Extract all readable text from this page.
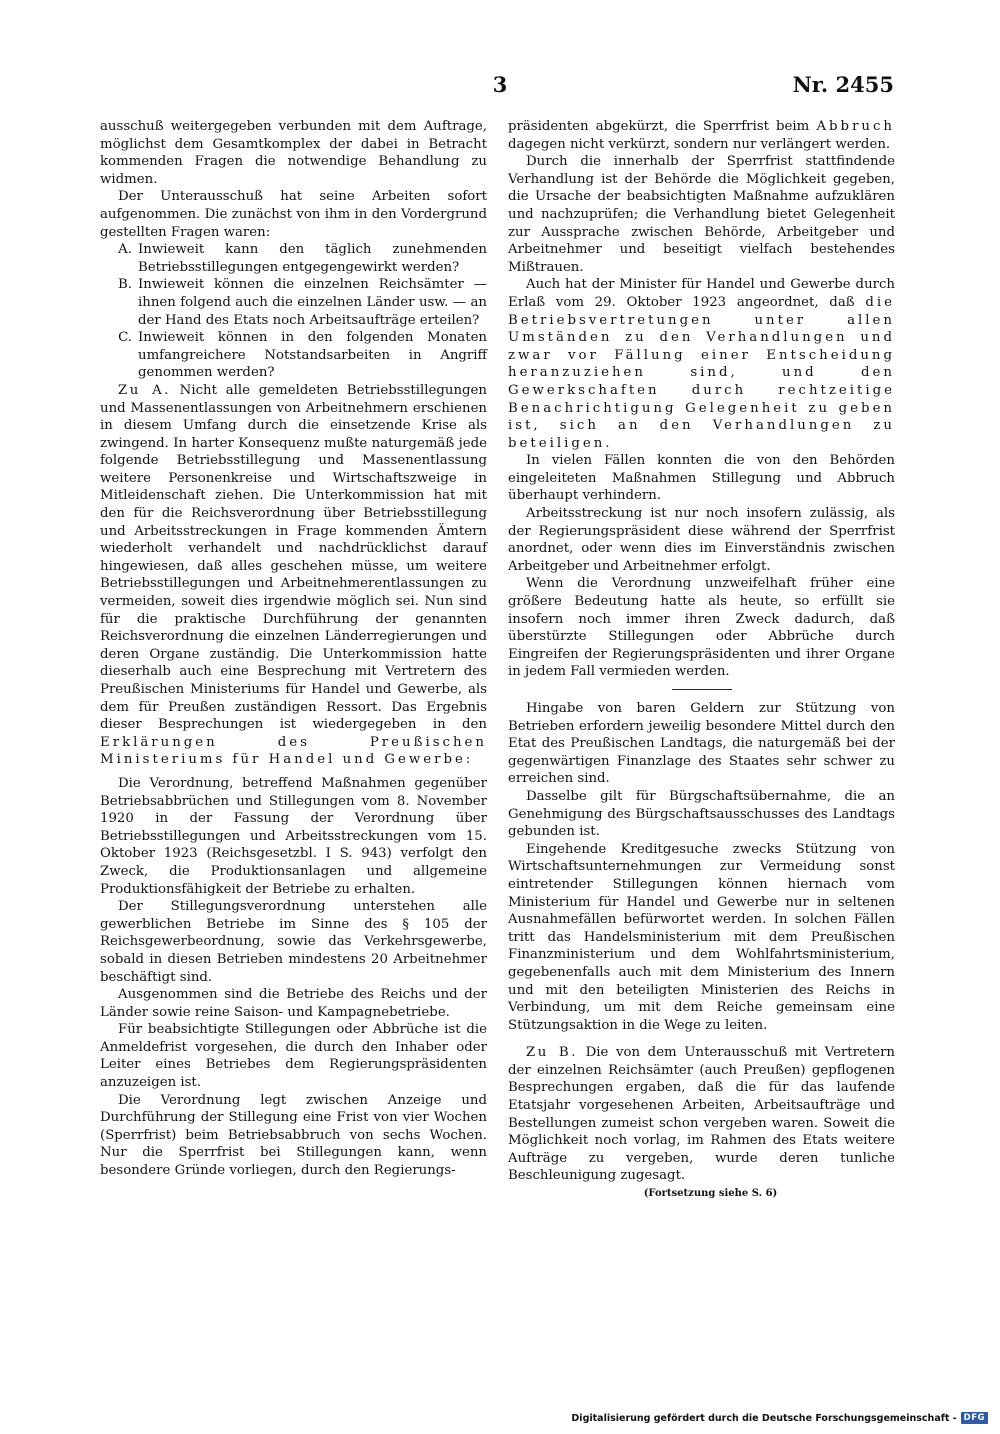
3	Nr. 2455

ausschuß weitergegeben verbunden mit dem Auftrage, möglichst dem Gesamtkomplex der dabei in Betracht kommenden Fragen die notwendige Behandlung zu widmen.

Der Unterausschuß hat seine Arbeiten sofort aufgenommen. Die zunächst von ihm in den Vordergrund gestellten Fragen waren:

A. Inwieweit kann den täglich zunehmenden Betriebsstillegungen entgegengewirkt werden?
B. Inwieweit können die einzelnen Reichsämter — ihnen folgend auch die einzelnen Länder usw. — an der Hand des Etats noch Arbeitsaufträge erteilen?
C. Inwieweit können in den folgenden Monaten umfangreichere Notstandsarbeiten in Angriff genommen werden?

Zu A. Nicht alle gemeldeten Betriebsstillegungen und Massenentlassungen von Arbeitnehmern erschienen in diesem Umfang durch die einsetzende Krise als zwingend. In harter Konsequenz mußte naturgemäß jede folgende Betriebsstillegung und Massenentlassung weitere Personenkreise und Wirtschaftszweige in Mitleidenschaft ziehen. Die Unterkommission hat mit den für die Reichsverordnung über Betriebsstillegung und Arbeitsstreckungen in Frage kommenden Ämtern wiederholt verhandelt und nachdrücklichst darauf hingewiesen, daß alles geschehen müsse, um weitere Betriebsstillegungen und Arbeitnehmerentlassungen zu vermeiden, soweit dies irgendwie möglich sei. Nun sind für die praktische Durchführung der genannten Reichsverordnung die einzelnen Länderregierungen und deren Organe zuständig. Die Unterkommission hatte dieserhalb auch eine Besprechung mit Vertretern des Preußischen Ministeriums für Handel und Gewerbe, als dem für Preußen zuständigen Ressort. Das Ergebnis dieser Besprechungen ist wiedergegeben in den Erklärungen des Preußischen Ministeriums für Handel und Gewerbe:

Die Verordnung, betreffend Maßnahmen gegenüber Betriebsabbrüchen und Stillegungen vom 8. November 1920 in der Fassung der Verordnung über Betriebsstillegungen und Arbeitsstreckungen vom 15. Oktober 1923 (Reichsgesetzbl. I S. 943) verfolgt den Zweck, die Produktionsanlagen und allgemeine Produktionsfähigkeit der Betriebe zu erhalten.

Der Stillegungsverordnung unterstehen alle gewerblichen Betriebe im Sinne des § 105 der Reichsgewerbeordnung, sowie das Verkehrsgewerbe, sobald in diesen Betrieben mindestens 20 Arbeitnehmer beschäftigt sind.

Ausgenommen sind die Betriebe des Reichs und der Länder sowie reine Saison- und Kampagnebetriebe.

Für beabsichtigte Stillegungen oder Abbrüche ist die Anmeldefrist vorgesehen, die durch den Inhaber oder Leiter eines Betriebes dem Regierungspräsidenten anzuzeigen ist.

Die Verordnung legt zwischen Anzeige und Durchführung der Stillegung eine Frist von vier Wochen (Sperrfrist) beim Betriebsabbruch von sechs Wochen. Nur die Sperrfrist bei Stillegungen kann, wenn besondere Gründe vorliegen, durch den Regierungs-

präsidenten abgekürzt, die Sperrfrist beim Abbruch dagegen nicht verkürzt, sondern nur verlängert werden.

Durch die innerhalb der Sperrfrist stattfindende Verhandlung ist der Behörde die Möglichkeit gegeben, die Ursache der beabsichtigten Maßnahme aufzuklären und nachzuprüfen; die Verhandlung bietet Gelegenheit zur Aussprache zwischen Behörde, Arbeitgeber und Arbeitnehmer und beseitigt vielfach bestehendes Mißtrauen.

Auch hat der Minister für Handel und Gewerbe durch Erlaß vom 29. Oktober 1923 angeordnet, daß die Betriebsvertretungen unter allen Umständen zu den Verhandlungen und zwar vor Fällung einer Entscheidung heranzuziehen sind, und den Gewerkschaften durch rechtzeitige Benachrichtigung Gelegenheit zu geben ist, sich an den Verhandlungen zu beteiligen.

In vielen Fällen konnten die von den Behörden eingeleiteten Maßnahmen Stillegung und Abbruch überhaupt verhindern.

Arbeitsstreckung ist nur noch insofern zulässig, als der Regierungspräsident diese während der Sperrfrist anordnet, oder wenn dies im Einverständnis zwischen Arbeitgeber und Arbeitnehmer erfolgt.

Wenn die Verordnung unzweifelhaft früher eine größere Bedeutung hatte als heute, so erfüllt sie insofern noch immer ihren Zweck dadurch, daß überstürzte Stillegungen oder Abbrüche durch Eingreifen der Regierungspräsidenten und ihrer Organe in jedem Fall vermieden werden.

Hingabe von baren Geldern zur Stützung von Betrieben erfordern jeweilig besondere Mittel durch den Etat des Preußischen Landtags, die naturgemäß bei der gegenwärtigen Finanzlage des Staates sehr schwer zu erreichen sind.

Dasselbe gilt für Bürgschaftsübernahme, die an Genehmigung des Bürgschaftsausschusses des Landtags gebunden ist.

Eingehende Kreditgesuche zwecks Stützung von Wirtschaftsunternehmungen zur Vermeidung sonst eintretender Stillegungen können hiernach vom Ministerium für Handel und Gewerbe nur in seltenen Ausnahmefällen befürwortet werden. In solchen Fällen tritt das Handelsministerium mit dem Preußischen Finanzministerium und dem Wohlfahrtsministerium, gegebenenfalls auch mit dem Ministerium des Innern und mit den beteiligten Ministerien des Reichs in Verbindung, um mit dem Reiche gemeinsam eine Stützungsaktion in die Wege zu leiten.

Zu B. Die von dem Unterausschuß mit Vertretern der einzelnen Reichsämter (auch Preußen) gepflogenen Besprechungen ergaben, daß die für das laufende Etatsjahr vorgesehenen Arbeiten, Arbeitsaufträge und Bestellungen zumeist schon vergeben waren. Soweit die Möglichkeit noch vorlag, im Rahmen des Etats weitere Aufträge zu vergeben, wurde deren tunliche Beschleunigung zugesagt.

(Fortsetzung siehe S. 6)

Digitalisierung gefördert durch die Deutsche Forschungsgemeinschaft - DFG
